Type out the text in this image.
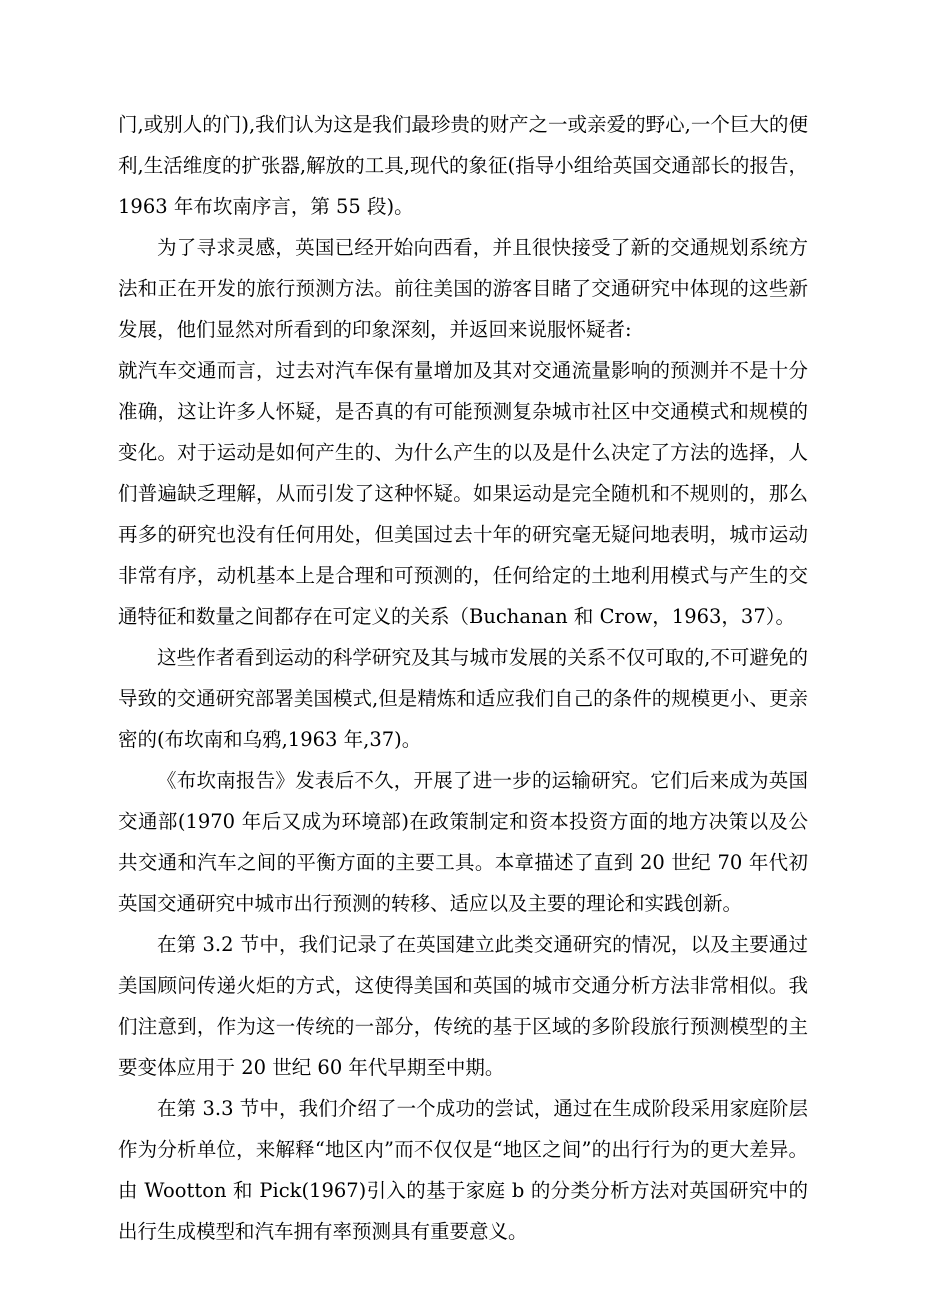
门,或别人的门),我们认为这是我们最珍贵的财产之一或亲爱的野心,一个巨大的便利,生活维度的扩张器,解放的工具,现代的象征(指导小组给英国交通部长的报告，1963 年布坎南序言，第 55 段)。

为了寻求灵感，英国已经开始向西看，并且很快接受了新的交通规划系统方法和正在开发的旅行预测方法。前往美国的游客目睹了交通研究中体现的这些新发展，他们显然对所看到的印象深刻，并返回来说服怀疑者:

就汽车交通而言，过去对汽车保有量增加及其对交通流量影响的预测并不是十分准确，这让许多人怀疑，是否真的有可能预测复杂城市社区中交通模式和规模的变化。对于运动是如何产生的、为什么产生的以及是什么决定了方法的选择，人们普遍缺乏理解，从而引发了这种怀疑。如果运动是完全随机和不规则的，那么再多的研究也没有任何用处，但美国过去十年的研究毫无疑问地表明，城市运动非常有序，动机基本上是合理和可预测的，任何给定的土地利用模式与产生的交通特征和数量之间都存在可定义的关系（Buchanan 和 Crow，1963，37）。

这些作者看到运动的科学研究及其与城市发展的关系不仅可取的,不可避免的导致的交通研究部署美国模式,但是精炼和适应我们自己的条件的规模更小、更亲密的(布坎南和乌鸦,1963 年,37)。

《布坎南报告》发表后不久，开展了进一步的运输研究。它们后来成为英国交通部(1970 年后又成为环境部)在政策制定和资本投资方面的地方决策以及公共交通和汽车之间的平衡方面的主要工具。本章描述了直到 20 世纪 70 年代初英国交通研究中城市出行预测的转移、适应以及主要的理论和实践创新。

在第 3.2 节中，我们记录了在英国建立此类交通研究的情况，以及主要通过美国顾问传递火炬的方式，这使得美国和英国的城市交通分析方法非常相似。我们注意到，作为这一传统的一部分，传统的基于区域的多阶段旅行预测模型的主要变体应用于 20 世纪 60 年代早期至中期。

在第 3.3 节中，我们介绍了一个成功的尝试，通过在生成阶段采用家庭阶层作为分析单位，来解释“地区内”而不仅仅是“地区之间”的出行行为的更大差异。由 Wootton 和 Pick(1967)引入的基于家庭 b 的分类分析方法对英国研究中的出行生成模型和汽车拥有率预测具有重要意义。
